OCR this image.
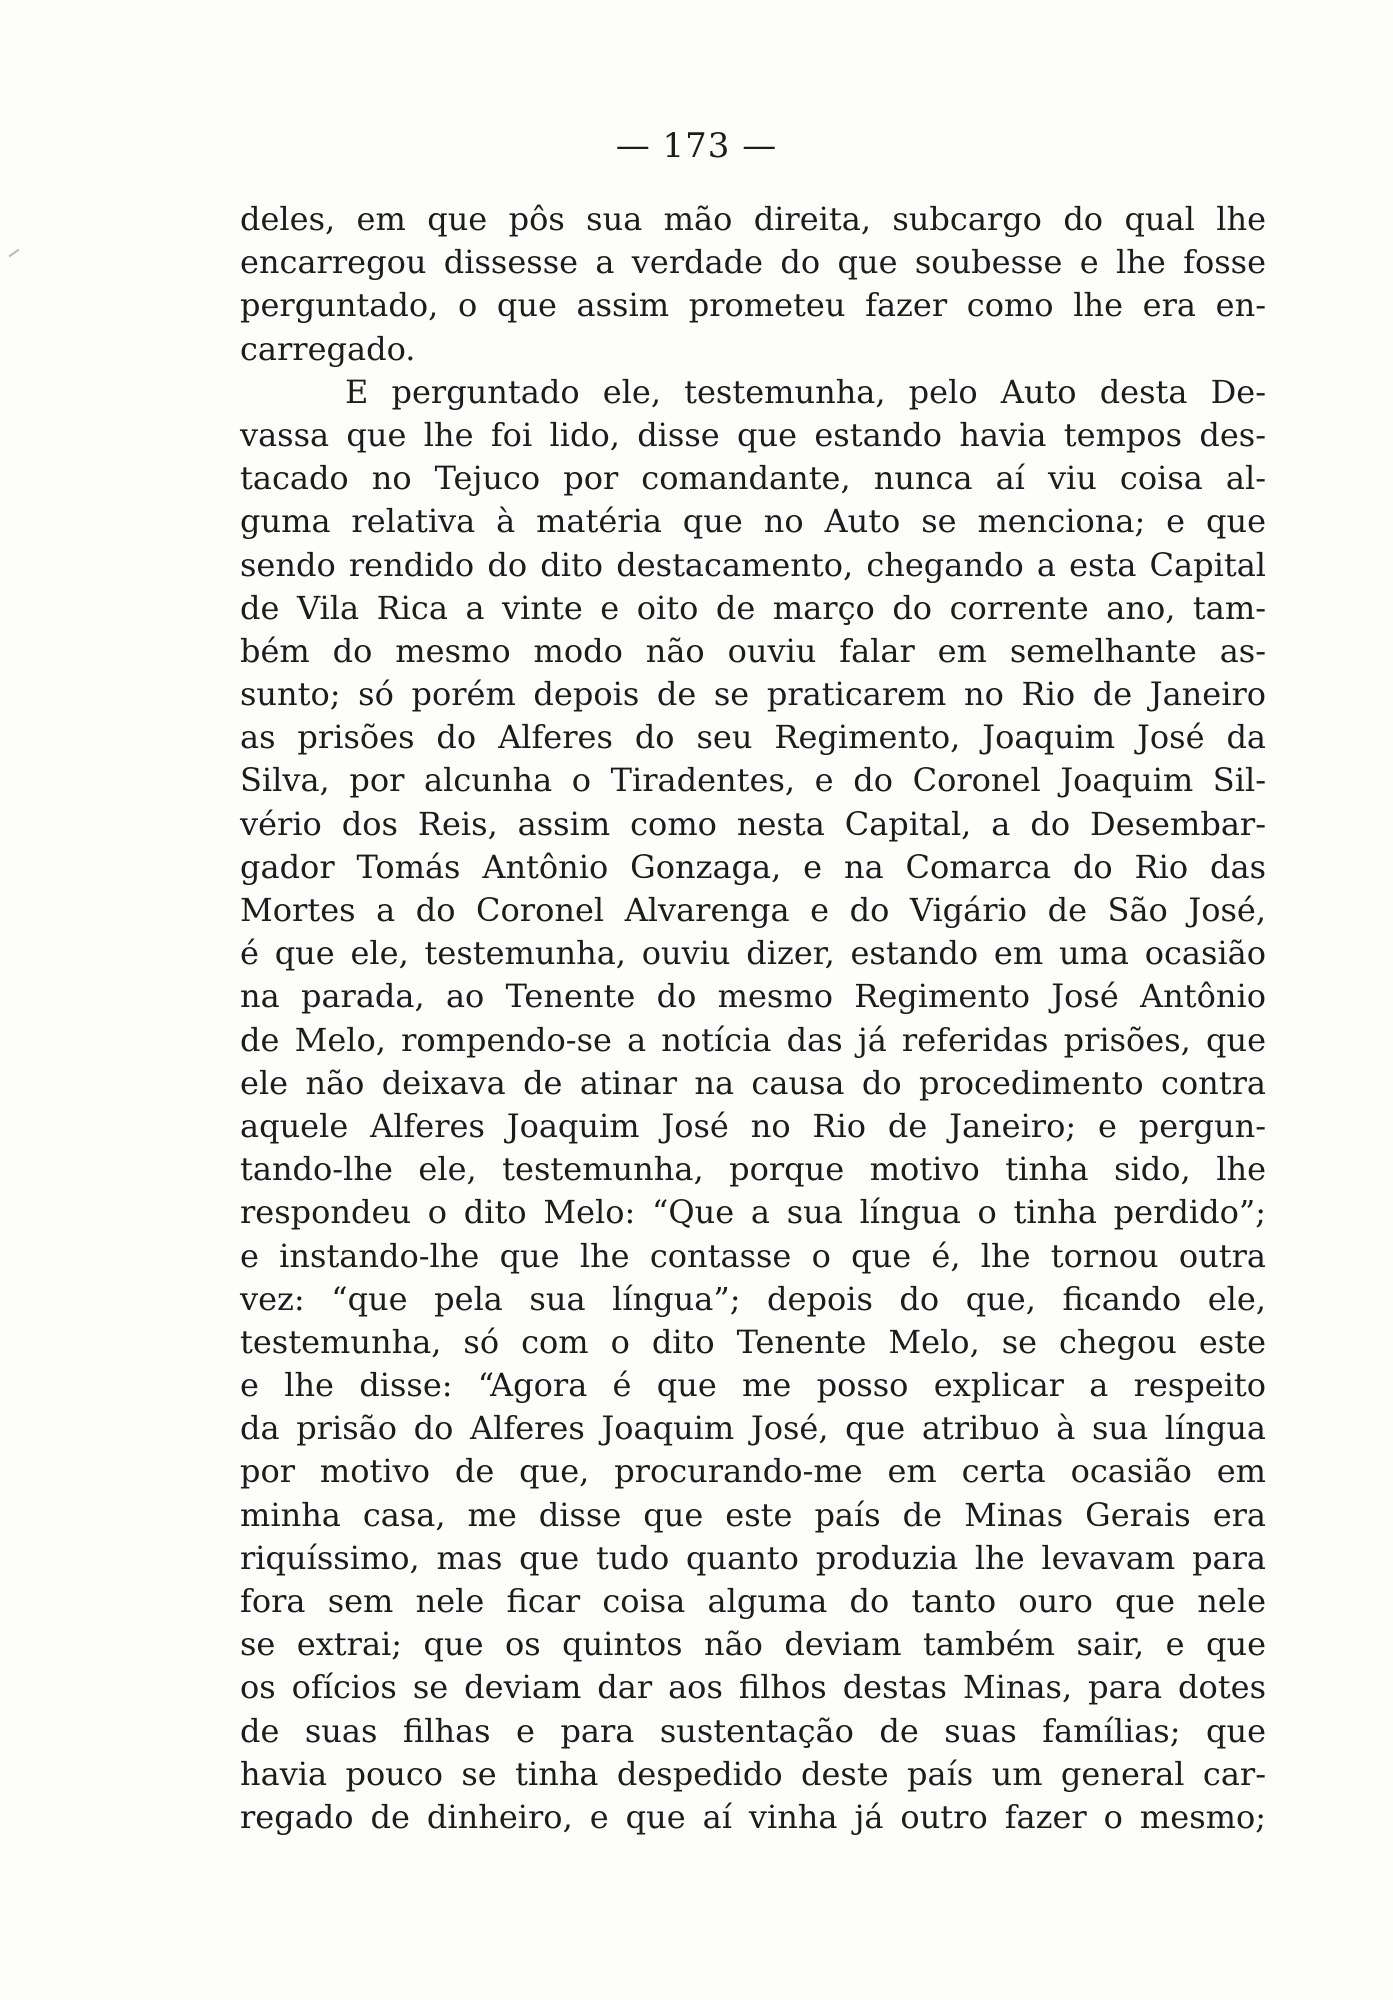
— 173 —
deles, em que pôs sua mão direita, subcargo do qual lhe
encarregou dissesse a verdade do que soubesse e lhe fosse
perguntado, o que assim prometeu fazer como lhe era en-
carregado.
E perguntado ele, testemunha, pelo Auto desta De-
vassa que lhe foi lido, disse que estando havia tempos des-
tacado no Tejuco por comandante, nunca aí viu coisa al-
guma relativa à matéria que no Auto se menciona; e que
sendo rendido do dito destacamento, chegando a esta Capital
de Vila Rica a vinte e oito de março do corrente ano, tam-
bém do mesmo modo não ouviu falar em semelhante as-
sunto; só porém depois de se praticarem no Rio de Janeiro
as prisões do Alferes do seu Regimento, Joaquim José da
Silva, por alcunha o Tiradentes, e do Coronel Joaquim Sil-
vério dos Reis, assim como nesta Capital, a do Desembar-
gador Tomás Antônio Gonzaga, e na Comarca do Rio das
Mortes a do Coronel Alvarenga e do Vigário de São José,
é que ele, testemunha, ouviu dizer, estando em uma ocasião
na parada, ao Tenente do mesmo Regimento José Antônio
de Melo, rompendo-se a notícia das já referidas prisões, que
ele não deixava de atinar na causa do procedimento contra
aquele Alferes Joaquim José no Rio de Janeiro; e pergun-
tando-lhe ele, testemunha, porque motivo tinha sido, lhe
respondeu o dito Melo: “Que a sua língua o tinha perdido”;
e instando-lhe que lhe contasse o que é, lhe tornou outra
vez: “que pela sua língua”; depois do que, ficando ele,
testemunha, só com o dito Tenente Melo, se chegou este
e lhe disse: “Agora é que me posso explicar a respeito
da prisão do Alferes Joaquim José, que atribuo à sua língua
por motivo de que, procurando-me em certa ocasião em
minha casa, me disse que este país de Minas Gerais era
riquíssimo, mas que tudo quanto produzia lhe levavam para
fora sem nele ficar coisa alguma do tanto ouro que nele
se extrai; que os quintos não deviam também sair, e que
os ofícios se deviam dar aos filhos destas Minas, para dotes
de suas filhas e para sustentação de suas famílias; que
havia pouco se tinha despedido deste país um general car-
regado de dinheiro, e que aí vinha já outro fazer o mesmo;
